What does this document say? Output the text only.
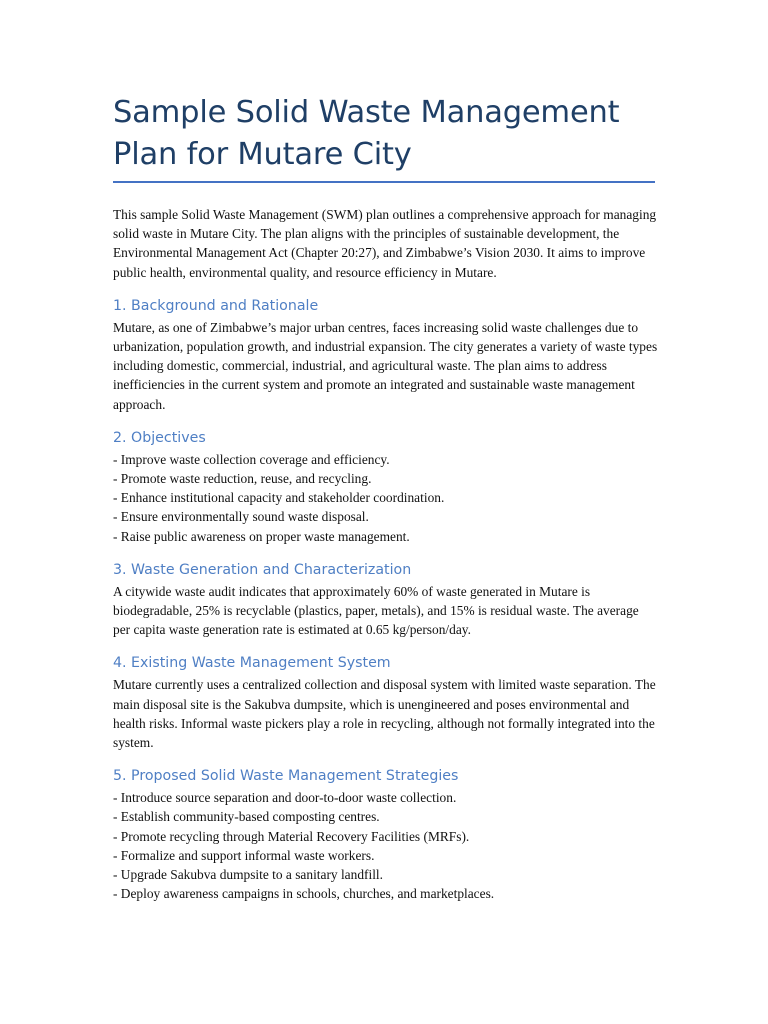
Sample Solid Waste Management Plan for Mutare City

This sample Solid Waste Management (SWM) plan outlines a comprehensive approach for managing solid waste in Mutare City. The plan aligns with the principles of sustainable development, the Environmental Management Act (Chapter 20:27), and Zimbabwe’s Vision 2030. It aims to improve public health, environmental quality, and resource efficiency in Mutare.

1. Background and Rationale

Mutare, as one of Zimbabwe’s major urban centres, faces increasing solid waste challenges due to urbanization, population growth, and industrial expansion. The city generates a variety of waste types including domestic, commercial, industrial, and agricultural waste. The plan aims to address inefficiencies in the current system and promote an integrated and sustainable waste management approach.

2. Objectives
- Improve waste collection coverage and efficiency.
- Promote waste reduction, reuse, and recycling.
- Enhance institutional capacity and stakeholder coordination.
- Ensure environmentally sound waste disposal.
- Raise public awareness on proper waste management.
3. Waste Generation and Characterization

A citywide waste audit indicates that approximately 60% of waste generated in Mutare is biodegradable, 25% is recyclable (plastics, paper, metals), and 15% is residual waste. The average per capita waste generation rate is estimated at 0.65 kg/person/day.

4. Existing Waste Management System

Mutare currently uses a centralized collection and disposal system with limited waste separation. The main disposal site is the Sakubva dumpsite, which is unengineered and poses environmental and health risks. Informal waste pickers play a role in recycling, although not formally integrated into the system.

5. Proposed Solid Waste Management Strategies
- Introduce source separation and door-to-door waste collection.
- Establish community-based composting centres.
- Promote recycling through Material Recovery Facilities (MRFs).
- Formalize and support informal waste workers.
- Upgrade Sakubva dumpsite to a sanitary landfill.
- Deploy awareness campaigns in schools, churches, and marketplaces.
